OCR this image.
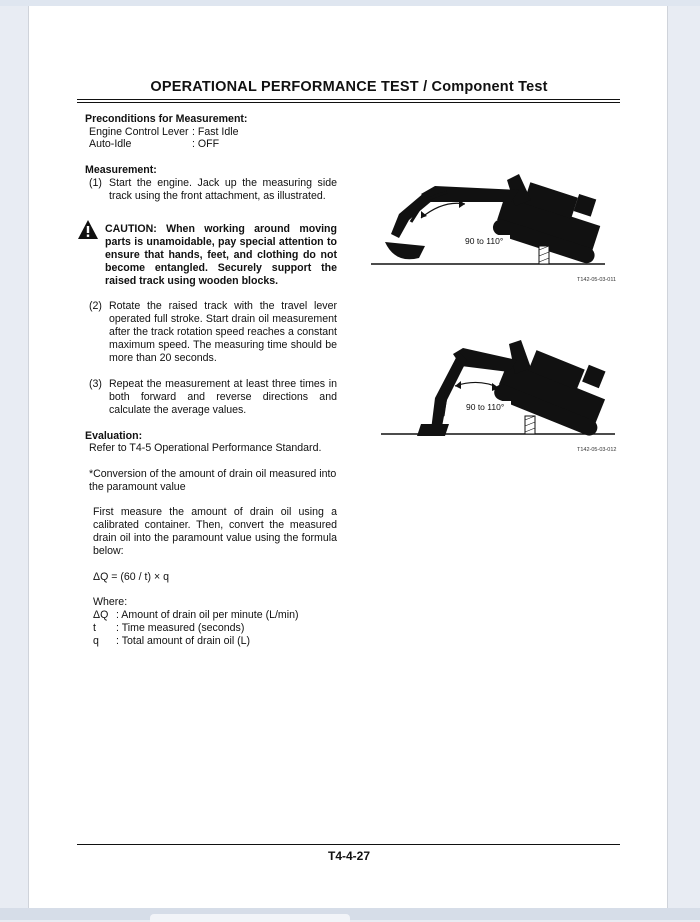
OPERATIONAL PERFORMANCE TEST / Component Test
Preconditions for Measurement:
Engine Control Lever : Fast Idle
Auto-Idle	: OFF
Measurement:
(1) Start the engine. Jack up the measuring side track using the front attachment, as illustrated.
CAUTION: When working around moving parts is unamoidable, pay special attention to ensure that hands, feet, and clothing do not become entangled. Securely support the raised track using wooden blocks.
(2) Rotate the raised track with the travel lever operated full stroke. Start drain oil measurement after the track rotation speed reaches a constant maximum speed. The measuring time should be more than 20 seconds.
(3) Repeat the measurement at least three times in both forward and reverse directions and calculate the average values.
Evaluation:
Refer to T4-5 Operational Performance Standard.
*Conversion of the amount of drain oil measured into the paramount value
First measure the amount of drain oil using a calibrated container. Then, convert the measured drain oil into the paramount value using the formula below:
ΔQ = (60 / t) × q
Where:
ΔQ : Amount of drain oil per minute (L/min)
t : Time measured (seconds)
q : Total amount of drain oil (L)
90 to 110°
T142-05-03-011
90 to 110°
T142-05-03-012
T4-4-27
